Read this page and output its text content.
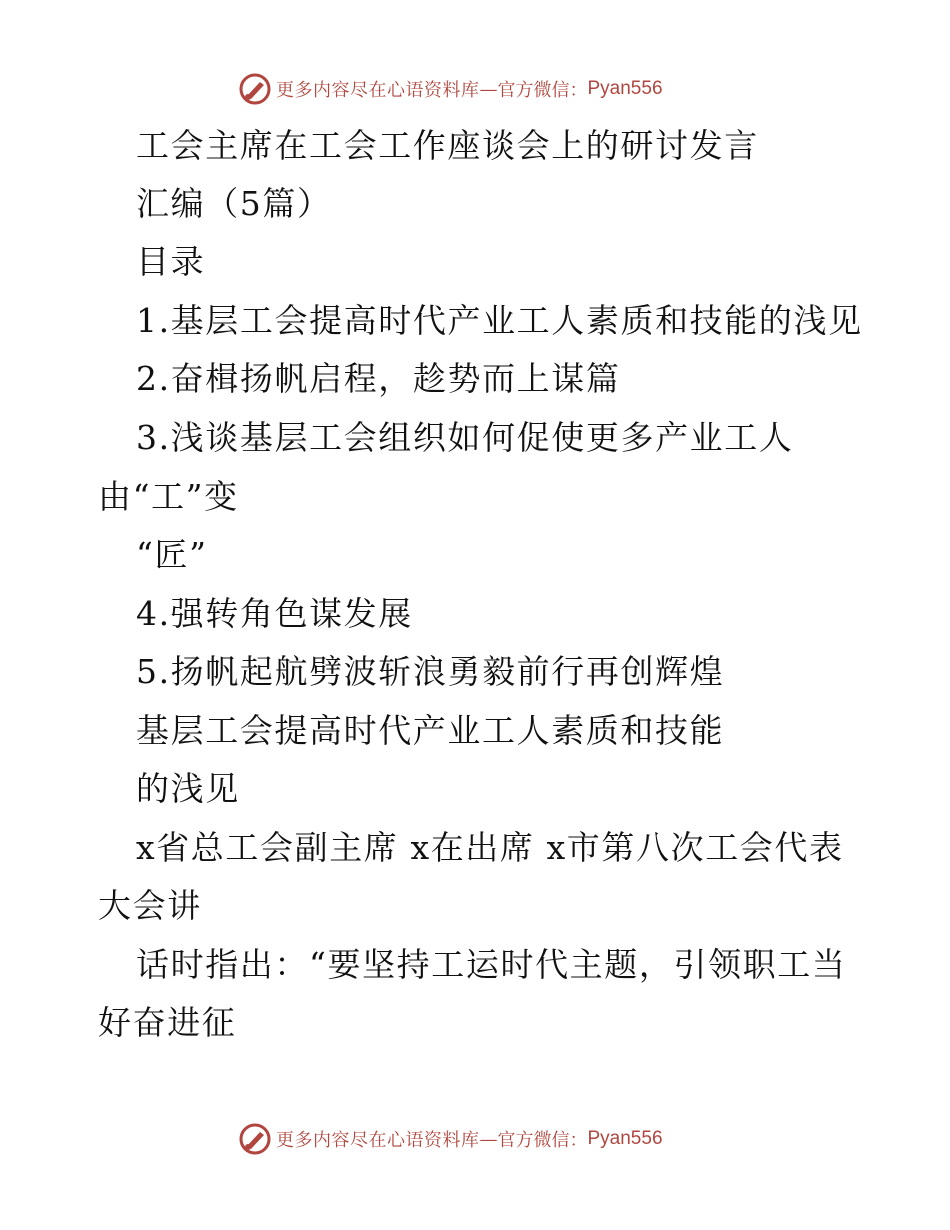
更多内容尽在心语资料库 — 官方微信： Pyan556
工会主席在工会工作座谈会上的研讨发言
汇编（5篇）
目录
1.基层工会提高时代产业工人素质和技能的浅见
2.奋楫扬帆启程，趁势而上谋篇
3.浅谈基层工会组织如何促使更多产业工人
由“工”变
“匠”
4.强转角色谋发展
5.扬帆起航劈波斩浪勇毅前行再创辉煌
基层工会提高时代产业工人素质和技能
的浅见
x省总工会副主席 x在出席 x市第八次工会代表
大会讲
话时指出：“要坚持工运时代主题，引领职工当
好奋进征
更多内容尽在心语资料库 — 官方微信： Pyan556
